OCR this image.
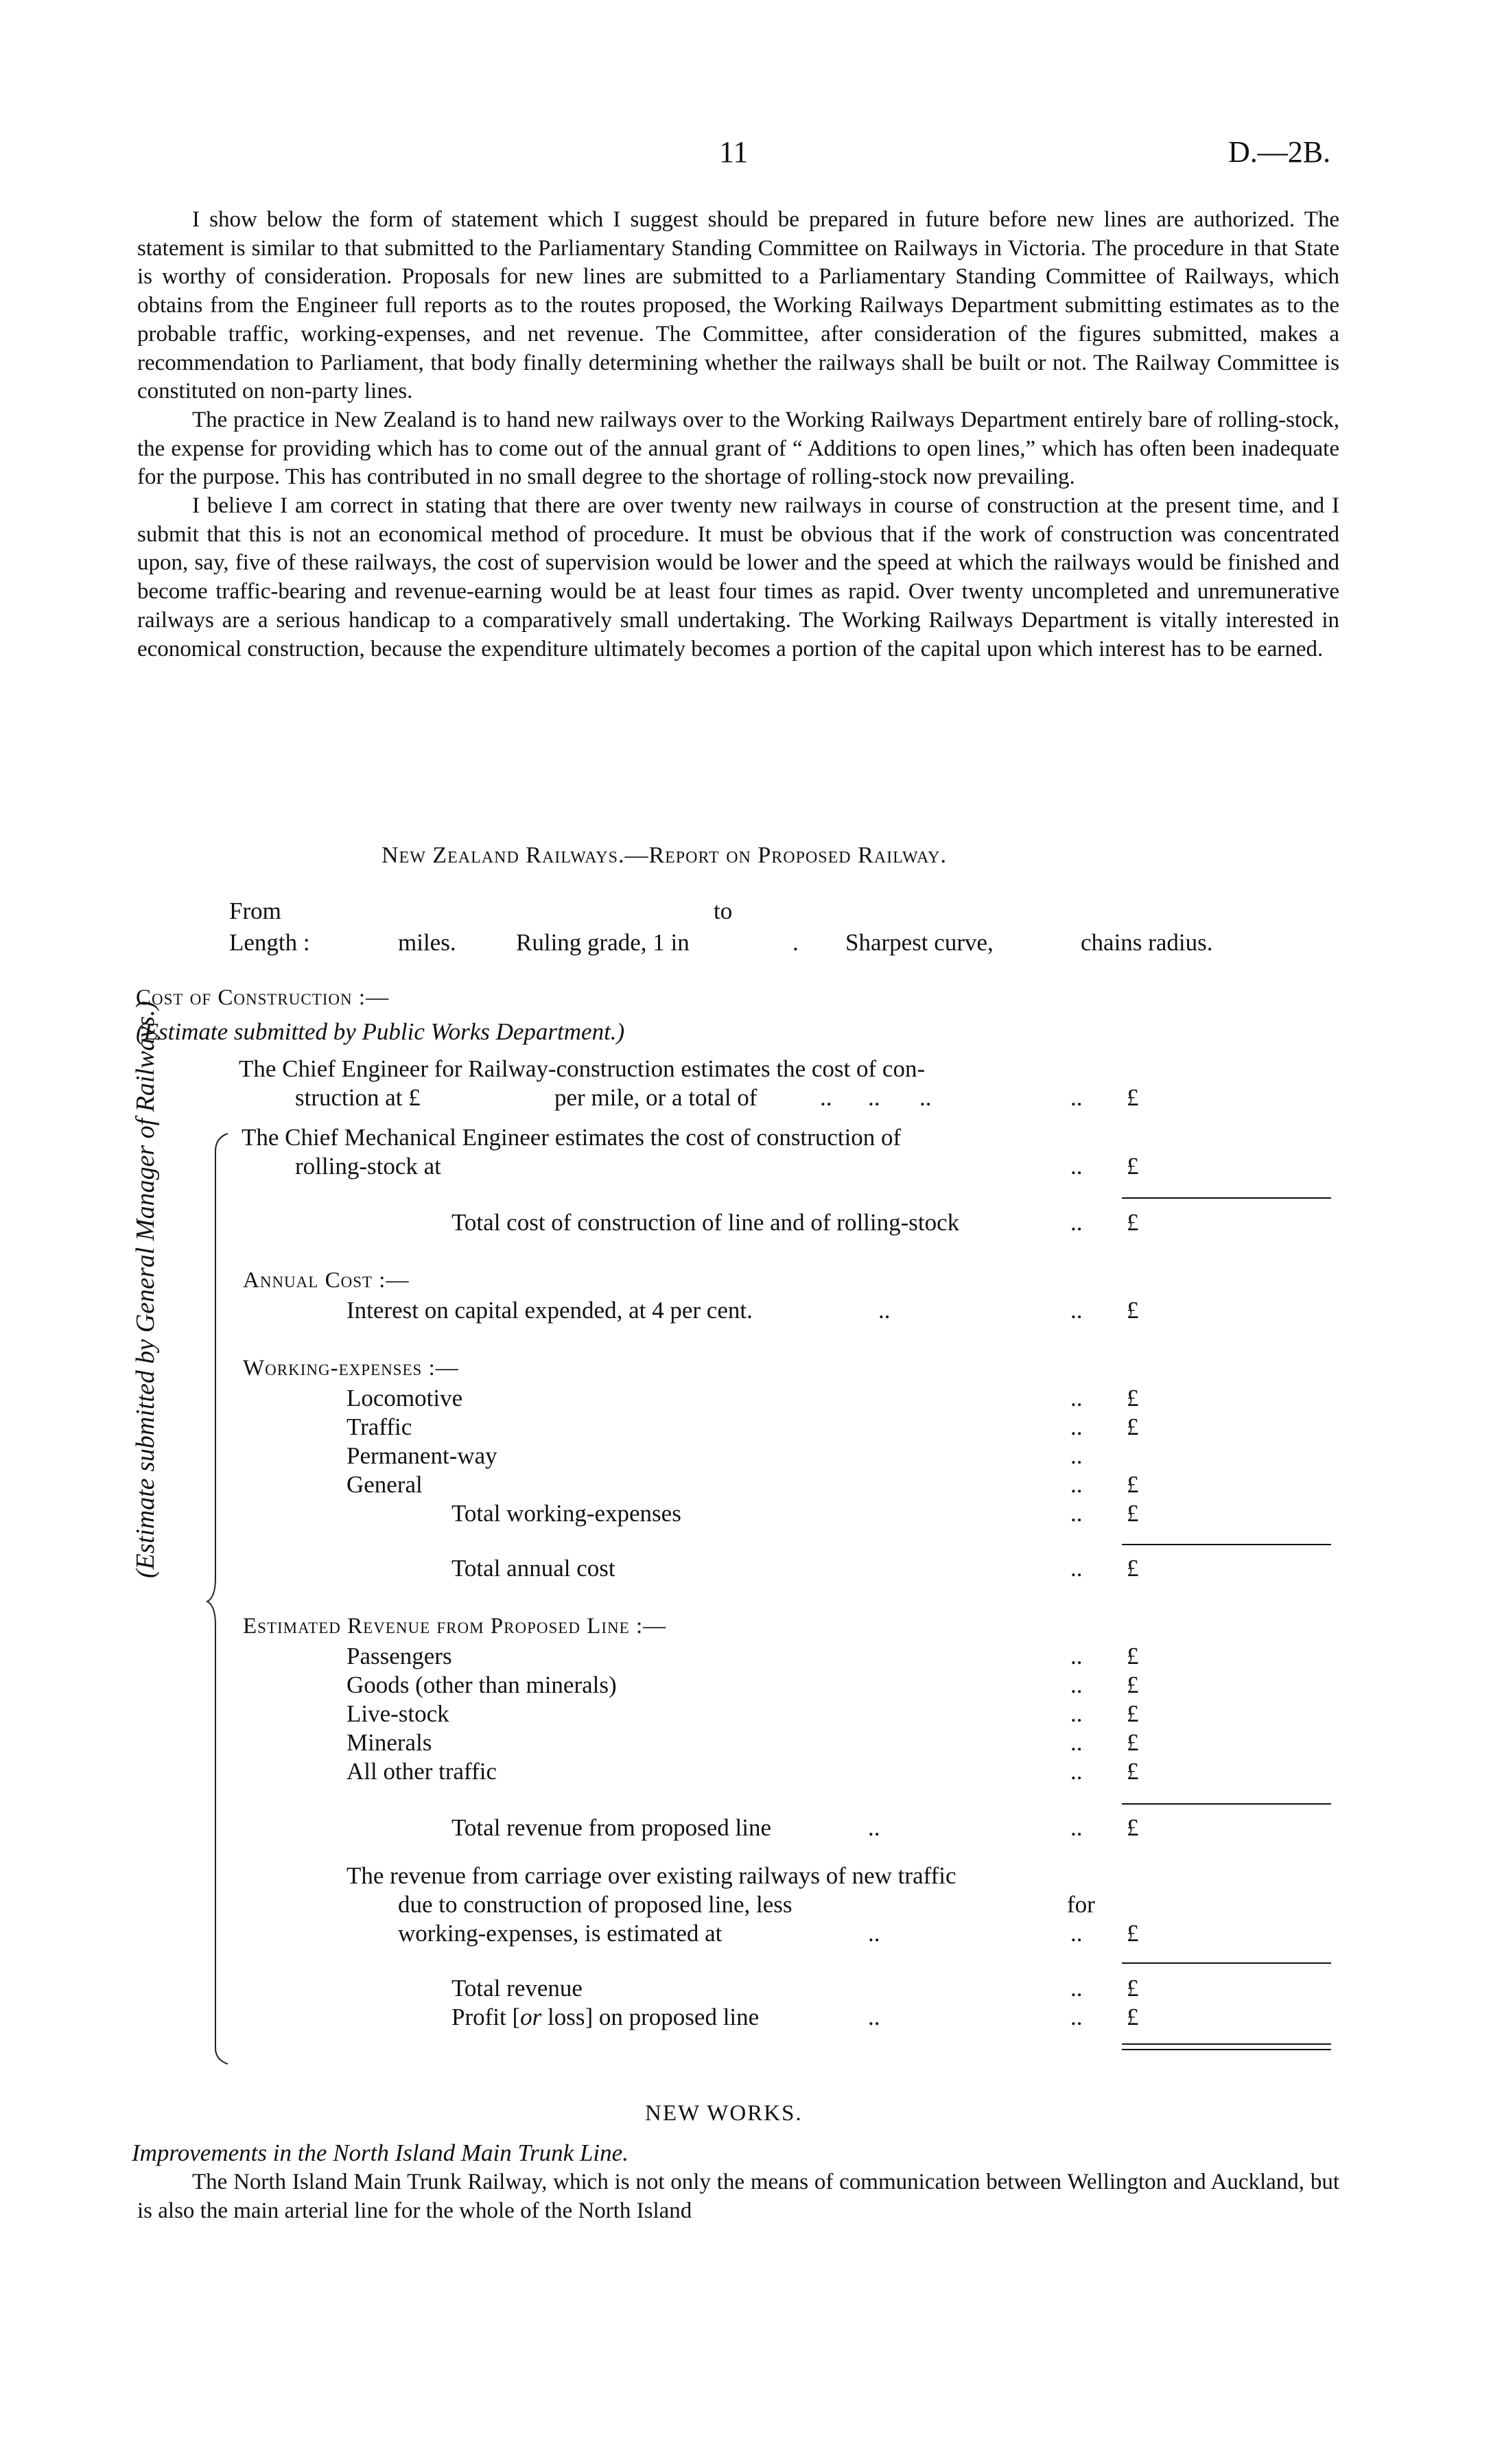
11	D.—2B.

I show below the form of statement which I suggest should be prepared in future before new lines are authorized. The statement is similar to that submitted to the Parliamentary Standing Committee on Railways in Victoria. The procedure in that State is worthy of consideration. Proposals for new lines are submitted to a Parliamentary Standing Committee of Railways, which obtains from the Engineer full reports as to the routes proposed, the Working Railways Department submitting estimates as to the probable traffic, working-expenses, and net revenue. The Committee, after consideration of the figures submitted, makes a recommendation to Parliament, that body finally determining whether the railways shall be built or not. The Railway Committee is constituted on non-party lines.

The practice in New Zealand is to hand new railways over to the Working Railways Department entirely bare of rolling-stock, the expense for providing which has to come out of the annual grant of “ Additions to open lines,” which has often been inadequate for the purpose. This has contributed in no small degree to the shortage of rolling-stock now prevailing.

I believe I am correct in stating that there are over twenty new railways in course of construction at the present time, and I submit that this is not an economical method of procedure. It must be obvious that if the work of construction was concentrated upon, say, five of these railways, the cost of supervision would be lower and the speed at which the railways would be finished and become traffic-bearing and revenue-earning would be at least four times as rapid. Over twenty uncompleted and unremunerative railways are a serious handicap to a comparatively small undertaking. The Working Railways Department is vitally interested in economical construction, because the expenditure ultimately becomes a portion of the capital upon which interest has to be earned.

New Zealand Railways.—Report on Proposed Railway.
From	to
Length :	miles. Ruling grade, 1 in	. Sharpest curve,	chains radius.
Cost of Construction :—
(Estimate submitted by Public Works Department.)
The Chief Engineer for Railway-construction estimates the cost of con-
struction at £	per mile, or a total of	.. .. ..	.. £
The Chief Mechanical Engineer estimates the cost of construction of
rolling-stock at	.. £
Total cost of construction of line and of rolling-stock	.. £
(Estimate submitted by General Manager of Railways.)	Annual Cost :—
Interest on capital expended, at 4 per cent.	..	.. £
Working-expenses :—
Locomotive	.. £
Traffic	.. £
Permanent-way	..
General	.. £
Total working-expenses	.. £
Total annual cost	.. £
Estimated Revenue from Proposed Line :—
Passengers	.. £
Goods (other than minerals)	.. £
Live-stock	.. £
Minerals	.. £
All other traffic	.. £
Total revenue from proposed line	..	.. £
The revenue from carriage over existing railways of new traffic
due to construction of proposed line, less	for
working-expenses, is estimated at	..	.. £
Total revenue	.. £
Profit [or loss] on proposed line	..	.. £
NEW WORKS.
Improvements in the North Island Main Trunk Line.
The North Island Main Trunk Railway, which is not only the means of communication between Wellington and Auckland, but is also the main arterial line for the whole of the North Island
